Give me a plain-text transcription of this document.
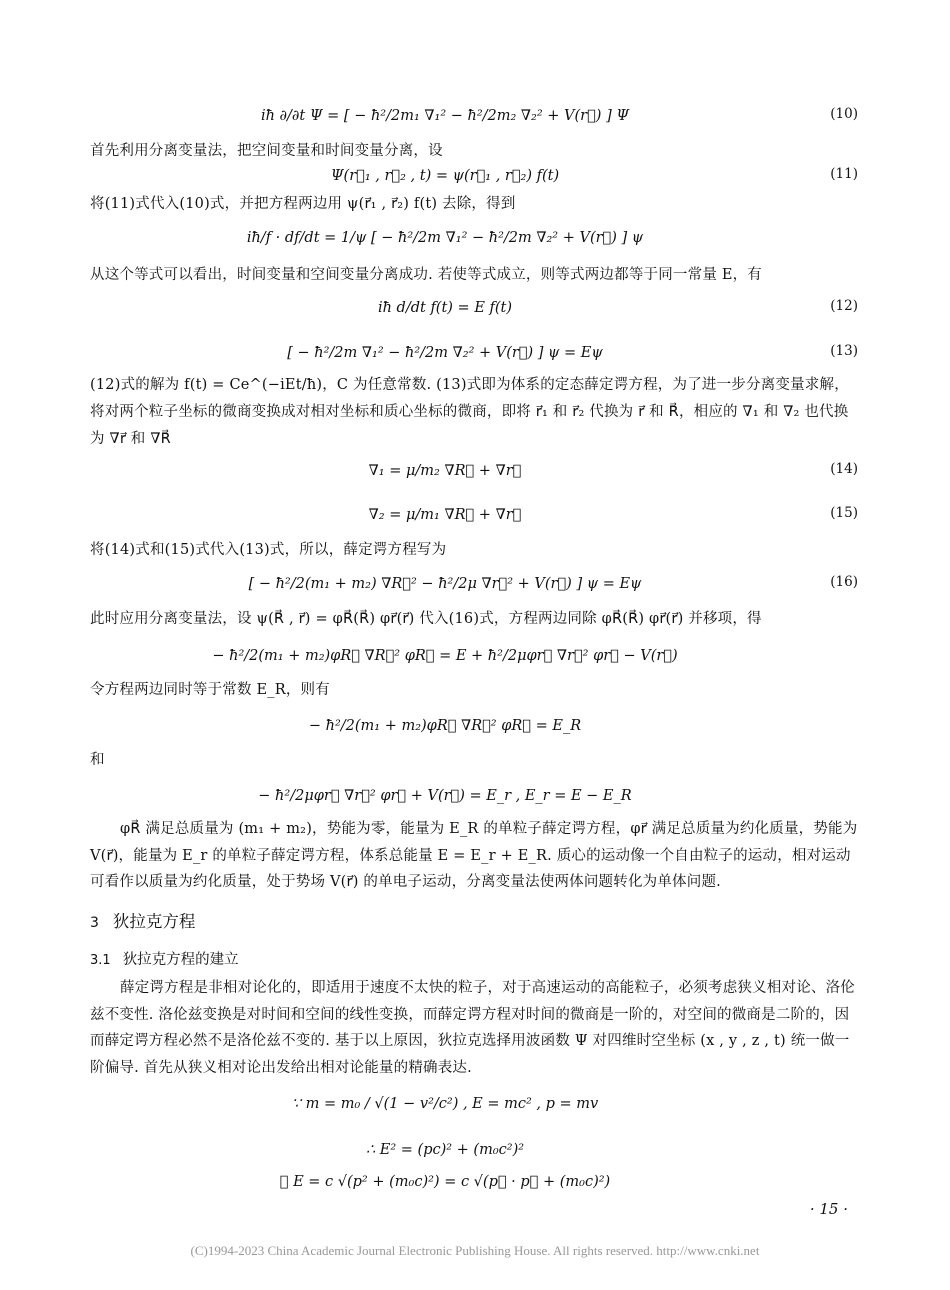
iħ ∂/∂t Ψ = [ − ħ²/2m₁ ∇₁² − ħ²/2m₂ ∇₂² + V(r⃗) ] Ψ	(10)
首先利用分离变量法，把空间变量和时间变量分离，设
Ψ(r⃗₁ , r⃗₂ , t) = ψ(r⃗₁ , r⃗₂) f(t)	(11)
将(11)式代入(10)式，并把方程两边用 ψ(r⃗₁ , r⃗₂) f(t) 去除，得到
iħ/f · df/dt = 1/ψ [ − ħ²/2m ∇₁² − ħ²/2m ∇₂² + V(r⃗) ] ψ
从这个等式可以看出，时间变量和空间变量分离成功. 若使等式成立，则等式两边都等于同一常量 E，有
iħ d/dt f(t) = E f(t)	(12)
[ − ħ²/2m ∇₁² − ħ²/2m ∇₂² + V(r⃗) ] ψ = Eψ	(13)
(12)式的解为 f(t) = Ce^(−iEt/ħ)，C 为任意常数. (13)式即为体系的定态薛定谔方程，为了进一步分离变量求解，将对两个粒子坐标的微商变换成对相对坐标和质心坐标的微商，即将 r⃗₁ 和 r⃗₂ 代换为 r⃗ 和 R⃗，相应的 ∇₁ 和 ∇₂ 也代换为 ∇r⃗ 和 ∇R⃗
∇₁ = μ/m₂ ∇R⃗ + ∇r⃗	(14)
∇₂ = μ/m₁ ∇R⃗ + ∇r⃗	(15)
将(14)式和(15)式代入(13)式，所以，薛定谔方程写为
[ − ħ²/2(m₁ + m₂) ∇R⃗² − ħ²/2μ ∇r⃗² + V(r⃗) ] ψ = Eψ	(16)
此时应用分离变量法，设 ψ(R⃗ , r⃗) = φR⃗(R⃗) φr⃗(r⃗) 代入(16)式，方程两边同除 φR⃗(R⃗) φr⃗(r⃗) 并移项，得
− ħ²/2(m₁ + m₂)φR⃗ ∇R⃗² φR⃗ = E + ħ²/2μφr⃗ ∇r⃗² φr⃗ − V(r⃗)
令方程两边同时等于常数 E_R，则有
− ħ²/2(m₁ + m₂)φR⃗ ∇R⃗² φR⃗ = E_R
和
− ħ²/2μφr⃗ ∇r⃗² φr⃗ + V(r⃗) = E_r , E_r = E − E_R
φR⃗ 满足总质量为 (m₁ + m₂)，势能为零，能量为 E_R 的单粒子薛定谔方程，φr⃗ 满足总质量为约化质量，势能为 V(r⃗)，能量为 E_r 的单粒子薛定谔方程，体系总能量 E = E_r + E_R. 质心的运动像一个自由粒子的运动，相对运动可看作以质量为约化质量，处于势场 V(r⃗) 的单电子运动，分离变量法使两体问题转化为单体问题.
3 狄拉克方程
3.1 狄拉克方程的建立
薛定谔方程是非相对论化的，即适用于速度不太快的粒子，对于高速运动的高能粒子，必须考虑狭义相对论、洛伦兹不变性. 洛伦兹变换是对时间和空间的线性变换，而薛定谔方程对时间的微商是一阶的，对空间的微商是二阶的，因而薛定谔方程必然不是洛伦兹不变的. 基于以上原因，狄拉克选择用波函数 Ψ 对四维时空坐标 (x , y , z , t) 统一做一阶偏导. 首先从狭义相对论出发给出相对论能量的精确表达.
∵ m = m₀ / √(1 − v²/c²) , E = mc² , p = mv
∴ E² = (pc)² + (m₀c²)²
∴ E = c √(p² + (m₀c)²) = c √(p⃗ · p⃗ + (m₀c)²)
· 15 ·
(C)1994-2023 China Academic Journal Electronic Publishing House. All rights reserved. http://www.cnki.net
